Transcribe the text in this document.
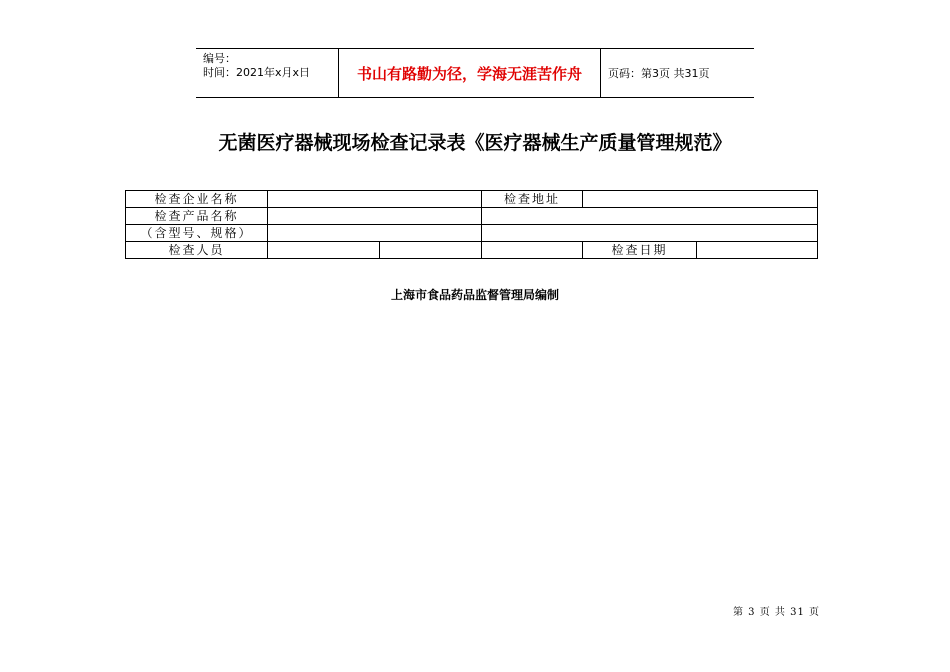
编号：
时间：2021年x月x日	书山有路勤为径，学海无涯苦作舟	页码：第3页 共31页
无菌医疗器械现场检查记录表《医疗器械生产质量管理规范》
检查企业名称			检查地址		
检查产品名称					
（含型号、规格）					
检查人员				检查日期	
上海市食品药品监督管理局编制
第 3 页 共 31 页
